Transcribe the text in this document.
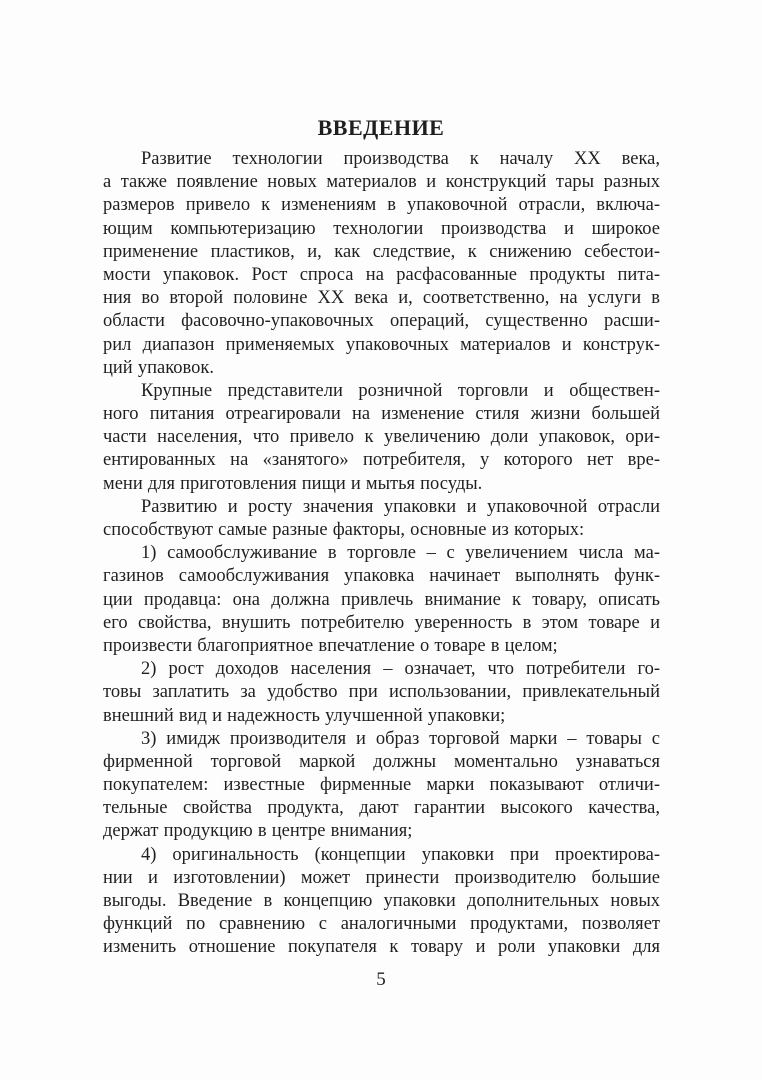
ВВЕДЕНИЕ
Развитие технологии производства к началу XX века,
а также появление новых материалов и конструкций тары разных
размеров привело к изменениям в упаковочной отрасли, включа-
ющим компьютеризацию технологии производства и широкое
применение пластиков, и, как следствие, к снижению себестои-
мости упаковок. Рост спроса на расфасованные продукты пита-
ния во второй половине XX века и, соответственно, на услуги в
области фасовочно-упаковочных операций, существенно расши-
рил диапазон применяемых упаковочных материалов и конструк-
ций упаковок.
Крупные представители розничной торговли и обществен-
ного питания отреагировали на изменение стиля жизни большей
части населения, что привело к увеличению доли упаковок, ори-
ентированных на «занятого» потребителя, у которого нет вре-
мени для приготовления пищи и мытья посуды.
Развитию и росту значения упаковки и упаковочной отрасли
способствуют самые разные факторы, основные из которых:
1) самообслуживание в торговле – с увеличением числа ма-
газинов самообслуживания упаковка начинает выполнять функ-
ции продавца: она должна привлечь внимание к товару, описать
его свойства, внушить потребителю уверенность в этом товаре и
произвести благоприятное впечатление о товаре в целом;
2) рост доходов населения – означает, что потребители го-
товы заплатить за удобство при использовании, привлекательный
внешний вид и надежность улучшенной упаковки;
3) имидж производителя и образ торговой марки – товары с
фирменной торговой маркой должны моментально узнаваться
покупателем: известные фирменные марки показывают отличи-
тельные свойства продукта, дают гарантии высокого качества,
держат продукцию в центре внимания;
4) оригинальность (концепции упаковки при проектирова-
нии и изготовлении) может принести производителю большие
выгоды. Введение в концепцию упаковки дополнительных новых
функций по сравнению с аналогичными продуктами, позволяет
изменить отношение покупателя к товару и роли упаковки для
5
